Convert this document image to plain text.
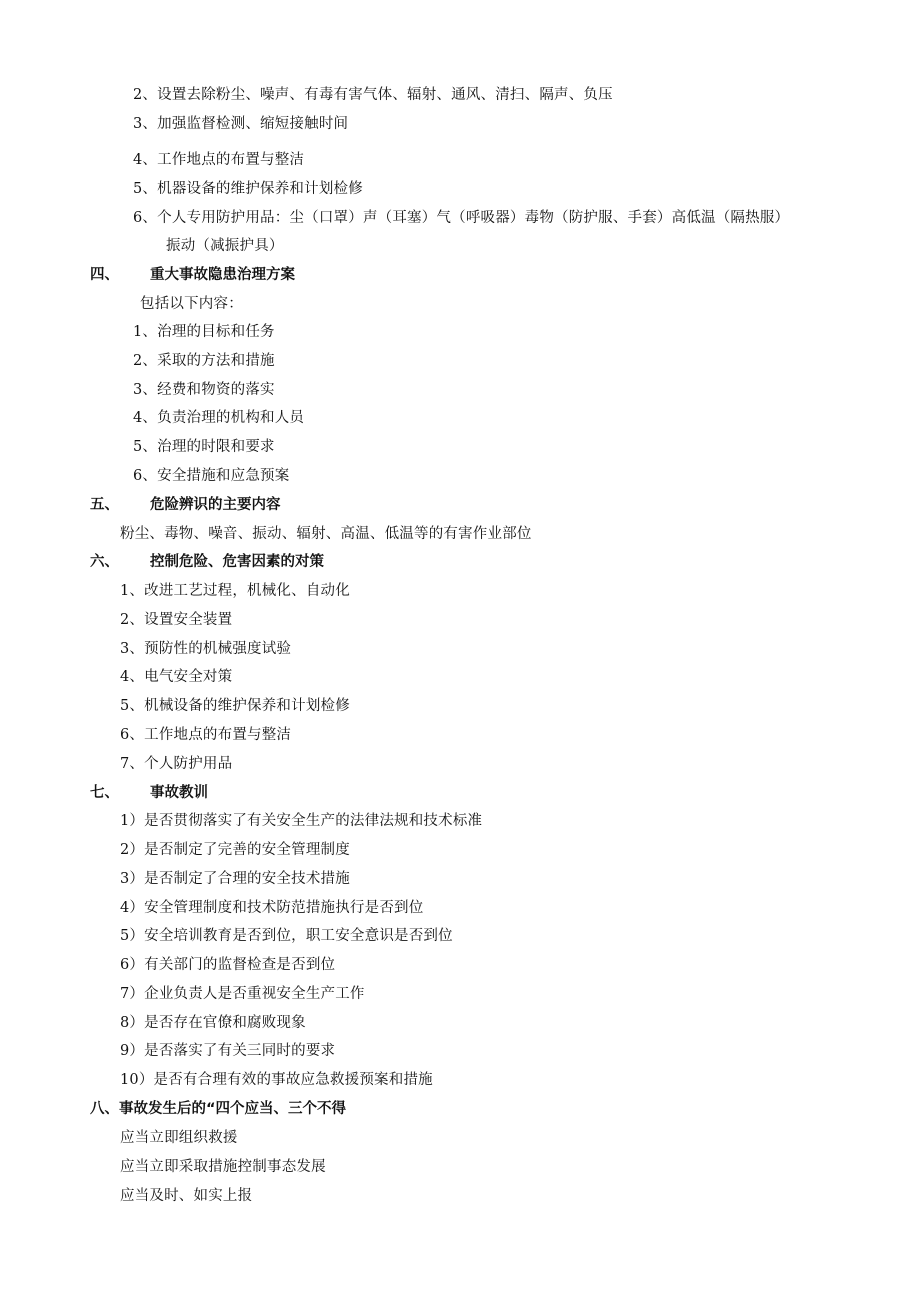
2、设置去除粉尘、噪声、有毒有害气体、辐射、通风、清扫、隔声、负压
3、加强监督检测、缩短接触时间
4、工作地点的布置与整洁
5、机器设备的维护保养和计划检修
6、个人专用防护用品：尘（口罩）声（耳塞）气（呼吸器）毒物（防护服、手套）高低温（隔热服）
振动（减振护具）
四、 重大事故隐患治理方案
包括以下内容：
1、治理的目标和任务
2、采取的方法和措施
3、经费和物资的落实
4、负责治理的机构和人员
5、治理的时限和要求
6、安全措施和应急预案
五、 危险辨识的主要内容
粉尘、毒物、噪音、振动、辐射、高温、低温等的有害作业部位
六、 控制危险、危害因素的对策
1、改进工艺过程，机械化、自动化
2、设置安全装置
3、预防性的机械强度试验
4、电气安全对策
5、机械设备的维护保养和计划检修
6、工作地点的布置与整洁
7、个人防护用品
七、 事故教训
1）是否贯彻落实了有关安全生产的法律法规和技术标准
2）是否制定了完善的安全管理制度
3）是否制定了合理的安全技术措施
4）安全管理制度和技术防范措施执行是否到位
5）安全培训教育是否到位，职工安全意识是否到位
6）有关部门的监督检查是否到位
7）企业负责人是否重视安全生产工作
8）是否存在官僚和腐败现象
9）是否落实了有关三同时的要求
10）是否有合理有效的事故应急救援预案和措施
八、事故发生后的“四个应当、三个不得
应当立即组织救援
应当立即采取措施控制事态发展
应当及时、如实上报
